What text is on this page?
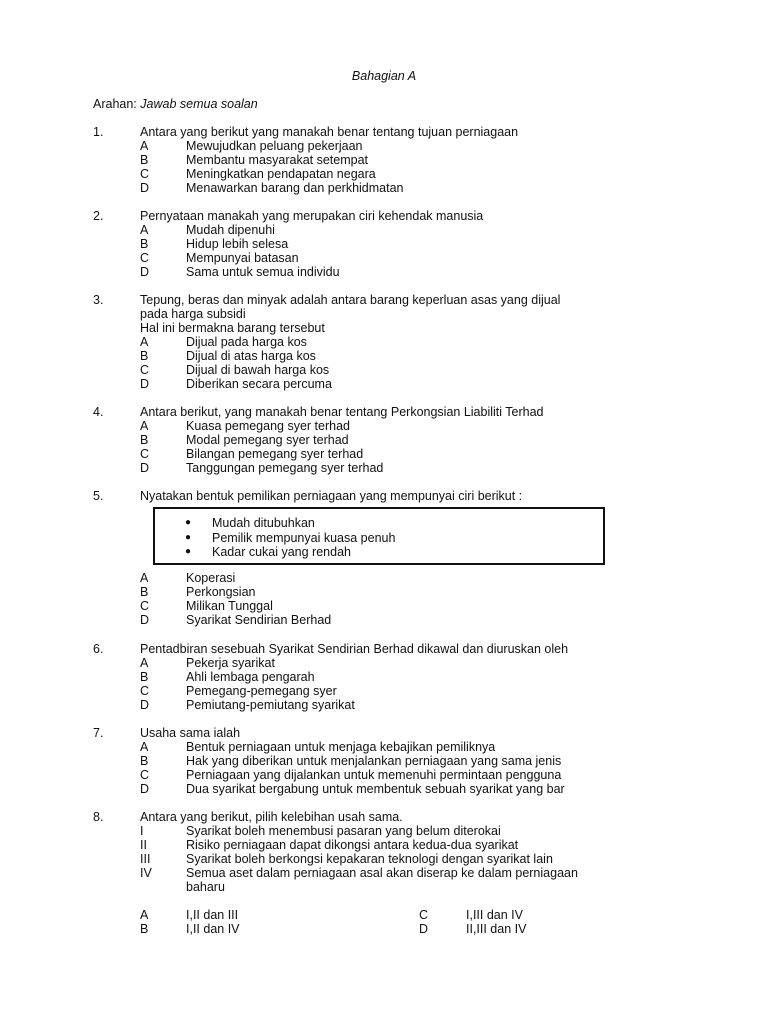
Bahagian A
Arahan: Jawab semua soalan
1.	Antara yang berikut yang manakah benar tentang tujuan perniagaan
A	Mewujudkan peluang pekerjaan
B	Membantu masyarakat setempat
C	Meningkatkan pendapatan negara
D	Menawarkan barang dan perkhidmatan
2.	Pernyataan manakah yang merupakan ciri kehendak manusia
A	Mudah dipenuhi
B	Hidup lebih selesa
C	Mempunyai batasan
D	Sama untuk semua individu
3.	Tepung, beras dan minyak adalah antara barang keperluan asas yang dijual
pada harga subsidi
Hal ini bermakna barang tersebut
A	Dijual pada harga kos
B	Dijual di atas harga kos
C	Dijual di bawah harga kos
D	Diberikan secara percuma
4.	Antara berikut, yang manakah benar tentang Perkongsian Liabiliti Terhad
A	Kuasa pemegang syer terhad
B	Modal pemegang syer terhad
C	Bilangan pemegang syer terhad
D	Tanggungan pemegang syer terhad
5.	Nyatakan bentuk pemilikan perniagaan yang mempunyai ciri berikut :
● Mudah ditubuhkan
● Pemilik mempunyai kuasa penuh
● Kadar cukai yang rendah
A	Koperasi
B	Perkongsian
C	Milikan Tunggal
D	Syarikat Sendirian Berhad
6.	Pentadbiran sesebuah Syarikat Sendirian Berhad dikawal dan diuruskan oleh
A	Pekerja syarikat
B	Ahli lembaga pengarah
C	Pemegang-pemegang syer
D	Pemiutang-pemiutang syarikat
7.	Usaha sama ialah
A	Bentuk perniagaan untuk menjaga kebajikan pemiliknya
B	Hak yang diberikan untuk menjalankan perniagaan yang sama jenis
C	Perniagaan yang dijalankan untuk memenuhi permintaan pengguna
D	Dua syarikat bergabung untuk membentuk sebuah syarikat yang bar
8.	Antara yang berikut, pilih kelebihan usah sama.
I	Syarikat boleh menembusi pasaran yang belum diterokai
II	Risiko perniagaan dapat dikongsi antara kedua-dua syarikat
III	Syarikat boleh berkongsi kepakaran teknologi dengan syarikat lain
IV	Semua aset dalam perniagaan asal akan diserap ke dalam perniagaan
baharu
A	I,II dan III	C	I,III dan IV
B	I,II dan IV	D	II,III dan IV
